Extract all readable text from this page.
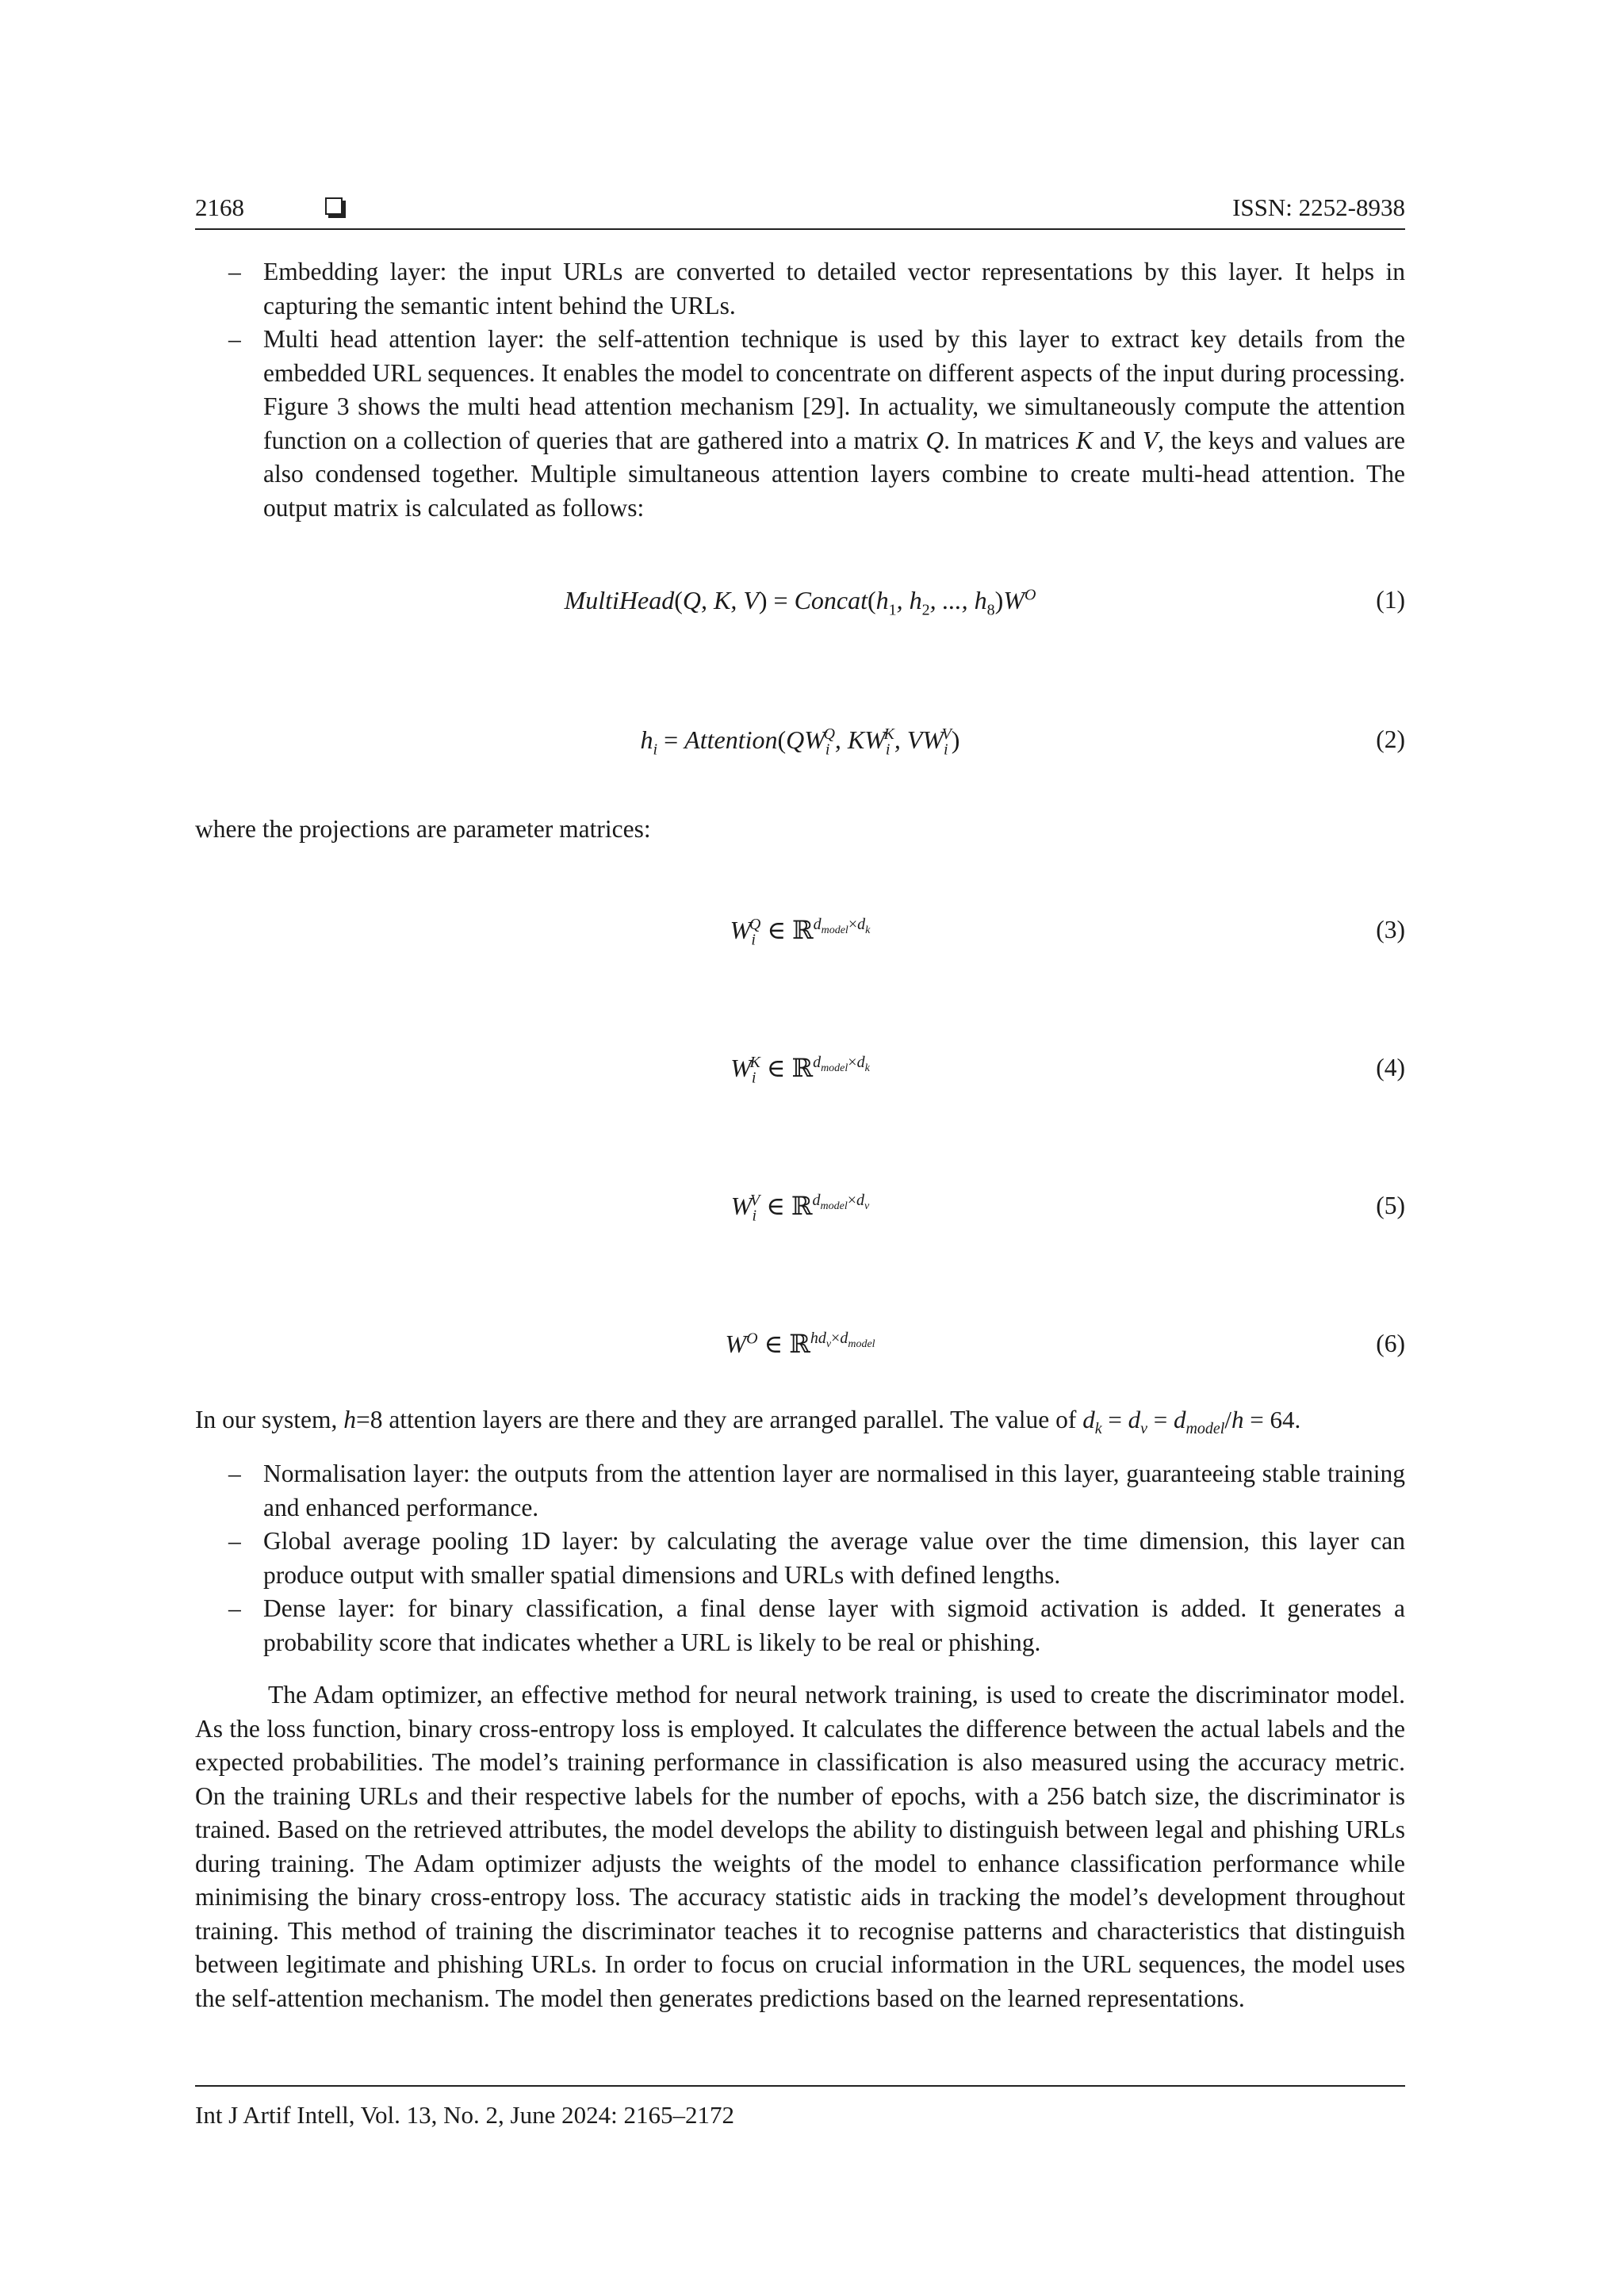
2168	ISSN: 2252-8938
– Embedding layer: the input URLs are converted to detailed vector representations by this layer. It helps in capturing the semantic intent behind the URLs.
– Multi head attention layer: the self-attention technique is used by this layer to extract key details from the embedded URL sequences. It enables the model to concentrate on different aspects of the input during processing. Figure 3 shows the multi head attention mechanism [29]. In actuality, we simultaneously compute the attention function on a collection of queries that are gathered into a matrix Q. In matrices K and V, the keys and values are also condensed together. Multiple simultaneous attention layers combine to create multi-head attention. The output matrix is calculated as follows:
MultiHead(Q, K, $V) = Concat(h_1$, $h_2$, ..., $h_8)W^O$	(1)
$h_i$ = $Attention(QW_i^Q$, $KW_i^K$, $VW_i^V$)	(2)
where the projections are parameter matrices:
$W_i^Q$ ∈ ℝ$^{d_{model}\times d_k}$	(3)
$W_i^K$ ∈ ℝ$^{d_{model}\times d_k}$	(4)
$W_i^V$ ∈ ℝ$^{d_{model}\times d_v}$	(5)
$W^O$ ∈ ℝ$^{hd_v\times d_{model}}$	(6)
In our system, h=8 attention layers are there and they are arranged parallel. The value of $d_k = d_v = d_{model}/h = 64$.
– Normalisation layer: the outputs from the attention layer are normalised in this layer, guaranteeing stable training and enhanced performance.
– Global average pooling 1D layer: by calculating the average value over the time dimension, this layer can produce output with smaller spatial dimensions and URLs with defined lengths.
– Dense layer: for binary classification, a final dense layer with sigmoid activation is added. It generates a probability score that indicates whether a URL is likely to be real or phishing.

The Adam optimizer, an effective method for neural network training, is used to create the discriminator model. As the loss function, binary cross-entropy loss is employed. It calculates the difference between the actual labels and the expected probabilities. The model’s training performance in classification is also measured using the accuracy metric. On the training URLs and their respective labels for the number of epochs, with a 256 batch size, the discriminator is trained. Based on the retrieved attributes, the model develops the ability to distinguish between legal and phishing URLs during training. The Adam optimizer adjusts the weights of the model to enhance classification performance while minimising the binary cross-entropy loss. The accuracy statistic aids in tracking the model’s development throughout training. This method of training the discriminator teaches it to recognise patterns and characteristics that distinguish between legitimate and phishing URLs. In order to focus on crucial information in the URL sequences, the model uses the self-attention mechanism. The model then generates predictions based on the learned representations.

Int J Artif Intell, Vol. 13, No. 2, June 2024: 2165–2172
